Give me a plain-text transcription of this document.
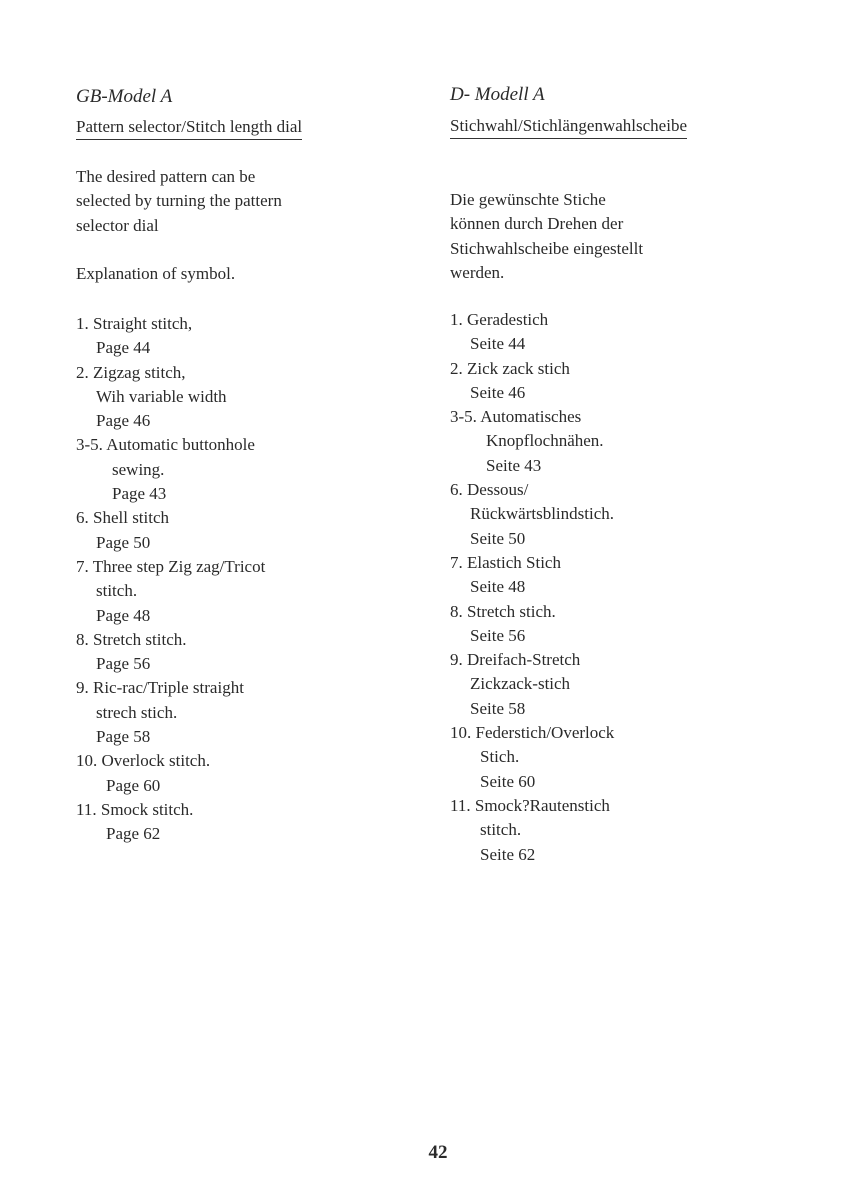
GB-Model A
Pattern selector/Stitch length dial
The desired pattern can be
selected by turning the pattern
selector dial
Explanation of symbol.
1. Straight stitch,
Page 44
2. Zigzag stitch,
Wih variable width
Page 46
3-5. Automatic buttonhole
sewing.
Page 43
6. Shell stitch
Page 50
7. Three step Zig zag/Tricot
stitch.
Page 48
8. Stretch stitch.
Page 56
9. Ric-rac/Triple straight
strech stich.
Page 58
10. Overlock stitch.
Page 60
11. Smock stitch.
Page 62
D- Modell A
Stichwahl/Stichlängenwahlscheibe
Die gewünschte Stiche
können durch Drehen der
Stichwahlscheibe eingestellt
werden.
1. Geradestich
Seite 44
2. Zick zack stich
Seite 46
3-5. Automatisches
Knopflochnähen.
Seite 43
6. Dessous/
Rückwärtsblindstich.
Seite 50
7. Elastich Stich
Seite 48
8. Stretch stich.
Seite 56
9. Dreifach-Stretch
Zickzack-stich
Seite 58
10. Federstich/Overlock
Stich.
Seite 60
11. Smock?Rautenstich
stitch.
Seite 62
42
